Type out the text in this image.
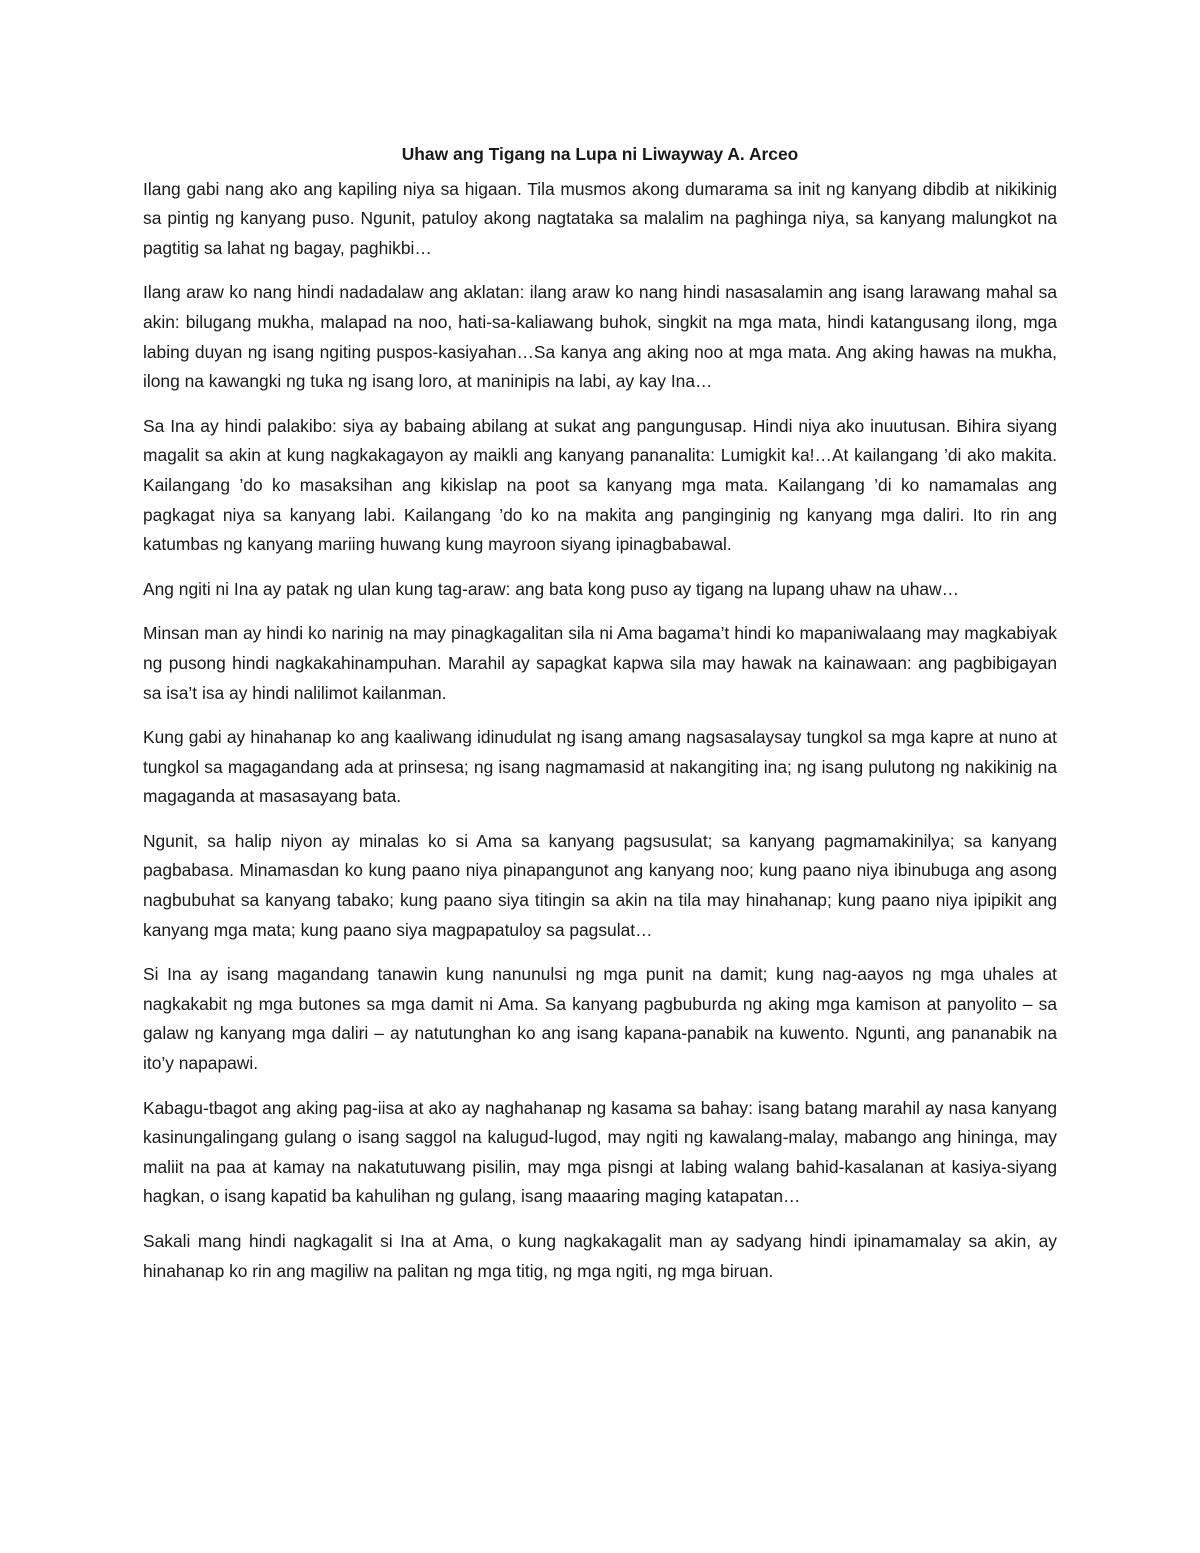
Uhaw ang Tigang na Lupa ni Liwayway A. Arceo

Ilang gabi nang ako ang kapiling niya sa higaan. Tila musmos akong dumarama sa init ng kanyang dibdib at nikikinig sa pintig ng kanyang puso. Ngunit, patuloy akong nagtataka sa malalim na paghinga niya, sa kanyang malungkot na pagtitig sa lahat ng bagay, paghikbi…

Ilang araw ko nang hindi nadadalaw ang aklatan: ilang araw ko nang hindi nasasalamin ang isang larawang mahal sa akin: bilugang mukha, malapad na noo, hati-sa-kaliawang buhok, singkit na mga mata, hindi katangusang ilong, mga labing duyan ng isang ngiting puspos-kasiyahan…Sa kanya ang aking noo at mga mata. Ang aking hawas na mukha, ilong na kawangki ng tuka ng isang loro, at maninipis na labi, ay kay Ina…

Sa Ina ay hindi palakibo: siya ay babaing abilang at sukat ang pangungusap. Hindi niya ako inuutusan. Bihira siyang magalit sa akin at kung nagkakagayon ay maikli ang kanyang pananalita: Lumigkit ka!…At kailangang ’di ako makita. Kailangang ’do ko masaksihan ang kikislap na poot sa kanyang mga mata. Kailangang ’di ko namamalas ang pagkagat niya sa kanyang labi. Kailangang ’do ko na makita ang panginginig ng kanyang mga daliri. Ito rin ang katumbas ng kanyang mariing huwang kung mayroon siyang ipinagbabawal.

Ang ngiti ni Ina ay patak ng ulan kung tag-araw: ang bata kong puso ay tigang na lupang uhaw na uhaw…

Minsan man ay hindi ko narinig na may pinagkagalitan sila ni Ama bagama’t hindi ko mapaniwalaang may magkabiyak ng pusong hindi nagkakahinampuhan. Marahil ay sapagkat kapwa sila may hawak na kainawaan: ang pagbibigayan sa isa’t isa ay hindi nalilimot kailanman.

Kung gabi ay hinahanap ko ang kaaliwang idinudulat ng isang amang nagsasalaysay tungkol sa mga kapre at nuno at tungkol sa magagandang ada at prinsesa; ng isang nagmamasid at nakangiting ina; ng isang pulutong ng nakikinig na magaganda at masasayang bata.

Ngunit, sa halip niyon ay minalas ko si Ama sa kanyang pagsusulat; sa kanyang pagmamakinilya; sa kanyang pagbabasa. Minamasdan ko kung paano niya pinapangunot ang kanyang noo; kung paano niya ibinubuga ang asong nagbubuhat sa kanyang tabako; kung paano siya titingin sa akin na tila may hinahanap; kung paano niya ipipikit ang kanyang mga mata; kung paano siya magpapatuloy sa pagsulat…

Si Ina ay isang magandang tanawin kung nanunulsi ng mga punit na damit; kung nag-aayos ng mga uhales at nagkakabit ng mga butones sa mga damit ni Ama. Sa kanyang pagbuburda ng aking mga kamison at panyolito – sa galaw ng kanyang mga daliri – ay natutunghan ko ang isang kapana-panabik na kuwento. Ngunti, ang pananabik na ito’y napapawi.

Kabagu-tbagot ang aking pag-iisa at ako ay naghahanap ng kasama sa bahay: isang batang marahil ay nasa kanyang kasinungalingang gulang o isang saggol na kalugud-lugod, may ngiti ng kawalang-malay, mabango ang hininga, may maliit na paa at kamay na nakatutuwang pisilin, may mga pisngi at labing walang bahid-kasalanan at kasiya-siyang hagkan, o isang kapatid ba kahulihan ng gulang, isang maaaring maging katapatan…

Sakali mang hindi nagkagalit si Ina at Ama, o kung nagkakagalit man ay sadyang hindi ipinamamalay sa akin, ay hinahanap ko rin ang magiliw na palitan ng mga titig, ng mga ngiti, ng mga biruan.
